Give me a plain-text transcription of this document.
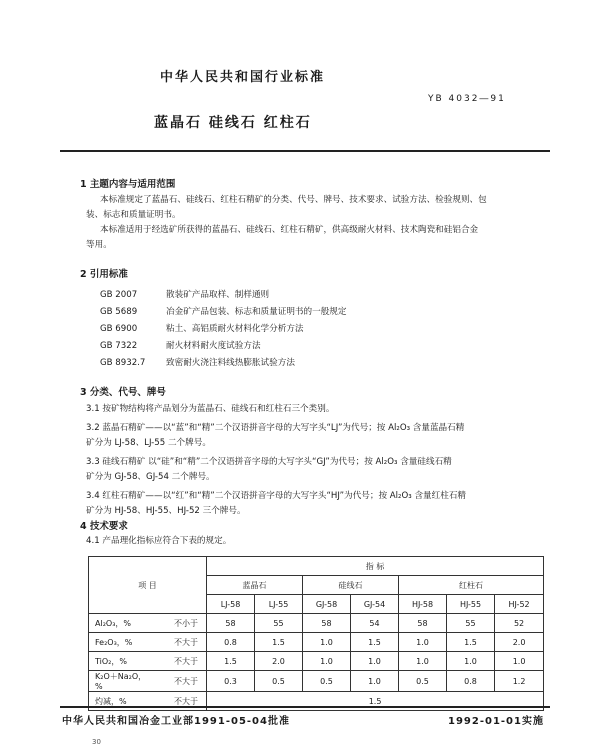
中华人民共和国行业标准
YB 4032―91
蓝晶石 硅线石 红柱石
1 主题内容与适用范围
本标准规定了蓝晶石、硅线石、红柱石精矿的分类、代号、牌号、技术要求、试验方法、检验规则、包
装、标志和质量证明书。
本标准适用于经选矿所获得的蓝晶石、硅线石、红柱石精矿，供高级耐火材料、技术陶瓷和硅铝合金
等用。
2 引用标准
GB 2007	散装矿产品取样、制样通则
GB 5689	冶金矿产品包装、标志和质量证明书的一般规定
GB 6900	粘土、高铝质耐火材料化学分析方法
GB 7322	耐火材料耐火度试验方法
GB 8932.7 致密耐火浇注料线热膨胀试验方法
3 分类、代号、牌号
3.1 按矿物结构将产品划分为蓝晶石、硅线石和红柱石三个类别。
3.2 蓝晶石精矿——以“蓝”和“精”二个汉语拼音字母的大写字头“LJ”为代号；按 Al₂O₃ 含量蓝晶石精
矿分为 LJ-58、LJ-55 二个牌号。
3.3 硅线石精矿 以“硅”和“精”二个汉语拼音字母的大写字头“GJ”为代号；按 Al₂O₃ 含量硅线石精
矿分为 GJ-58、GJ-54 二个牌号。
3.4 红柱石精矿——以“红”和“精”二个汉语拼音字母的大写字头“HJ”为代号；按 Al₂O₃ 含量红柱石精
矿分为 HJ-58、HJ-55、HJ-52 三个牌号。
4 技术要求
4.1 产品理化指标应符合下表的规定。
项 目		指 标						
		蓝晶石		硅线石		红柱石		
		LJ-58	LJ-55	GJ-58	GJ-54	HJ-58	HJ-55	HJ-52
Al₂O₃，%	不小于	58	55	58	54	58	55	52
Fe₂O₃，%	不大于	0.8	1.5	1.0	1.5	1.0	1.5	2.0
TiO₂，%	不大于	1.5	2.0	1.0	1.0	1.0	1.0	1.0
K₂O＋Na₂O，%	不大于	0.3	0.5	0.5	1.0	0.5	0.8	1.2
灼减，%	不大于	1.5						
中华人民共和国冶金工业部1991-05-04批准	1992-01-01实施
30
